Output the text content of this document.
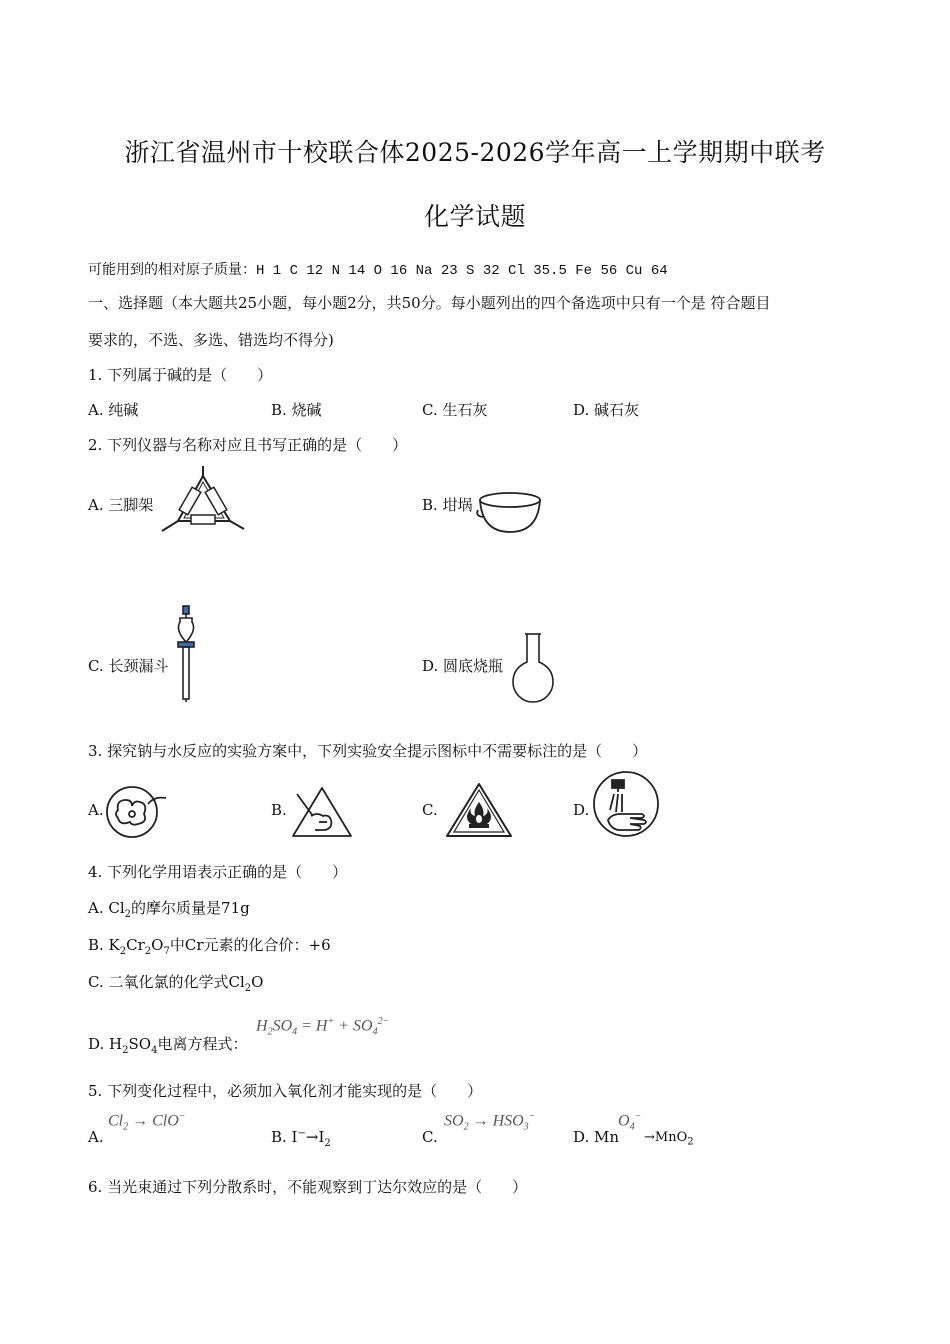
浙江省温州市十校联合体2025-2026学年高一上学期期中联考
化学试题
可能用到的相对原子质量：H 1 C 12 N 14 O 16 Na 23 S 32 Cl 35.5 Fe 56 Cu 64
一、选择题（本大题共25小题，每小题2分，共50分。每小题列出的四个备选项中只有一个是 符合题目
要求的，不选、多选、错选均不得分)
1. 下列属于碱的是（　　）
A. 纯碱	B. 烧碱	C. 生石灰	D. 碱石灰
2. 下列仪器与名称对应且书写正确的是（　　）
A. 三脚架	B. 坩埚
C. 长颈漏斗	D. 圆底烧瓶
3. 探究钠与水反应的实验方案中，下列实验安全提示图标中不需要标注的是（　　）
A.	B.	C.	D.
4. 下列化学用语表示正确的是（　　）
A. $Cl_2$的摩尔质量是71g
B. $K_2Cr_2O_7$中Cr元素的化合价：+6
C. 二氧化氯的化学式$Cl_2O$
D. $H_2SO_4$电离方程式：
$H_2SO_4 = H^+ + SO_4^{2-}$
5. 下列变化过程中，必须加入氧化剂才能实现的是（　　）
A.
$Cl_2 \to ClO^-$
B. $I^-\to I_2$	C.
$SO_2 \to HSO_3^-$
D. Mn
$O_4^-$
→MnO$_2$
6. 当光束通过下列分散系时，不能观察到丁达尔效应的是（　　）
